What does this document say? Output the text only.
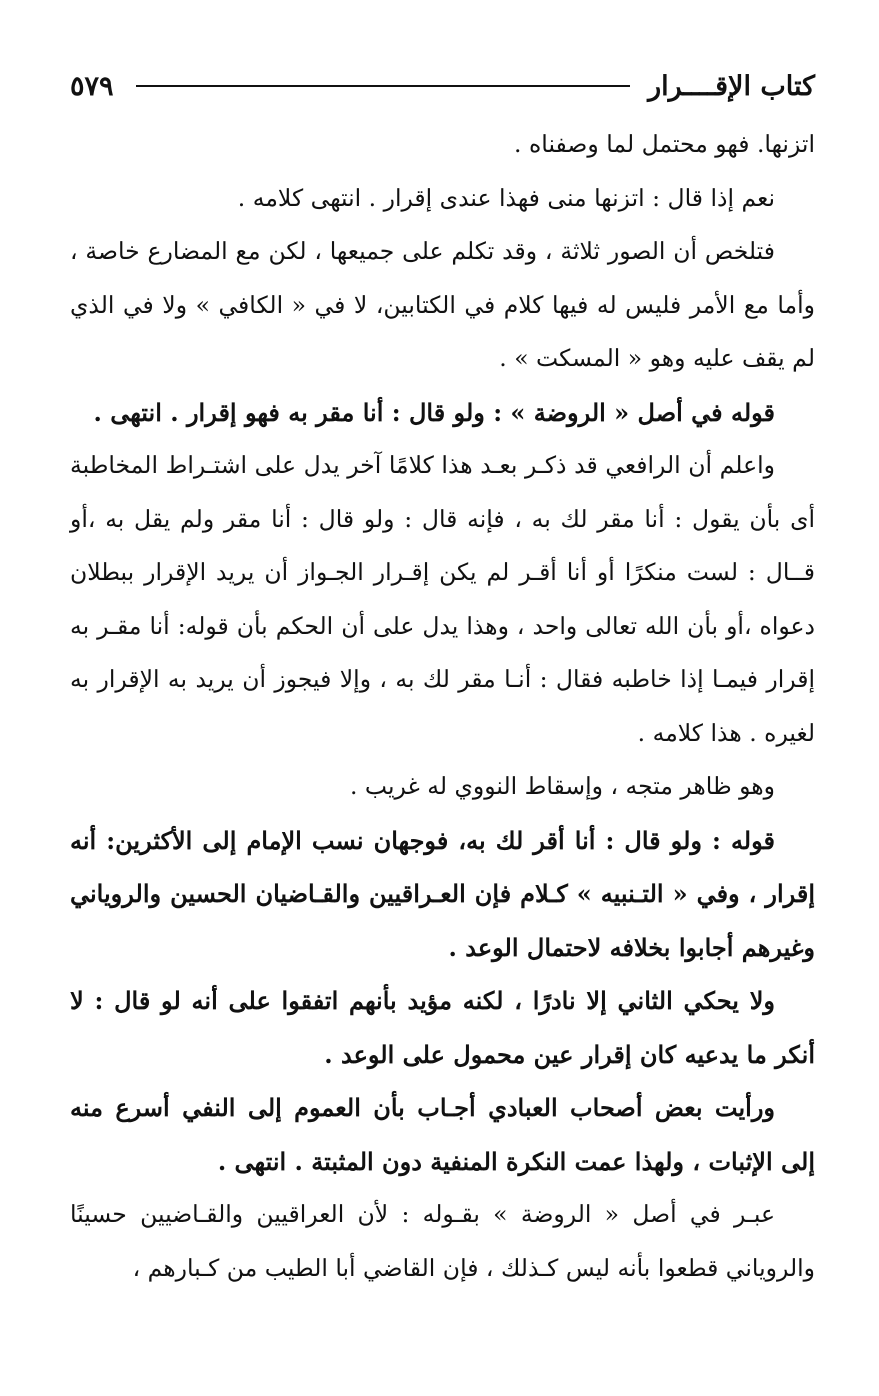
كتاب الإقــــرار
٥٧٩

اتزنها. فهو محتمل لما وصفناه .

نعم إذا قال : اتزنها منى فهذا عندى إقرار . انتهى كلامه .

فتلخص أن الصور ثلاثة ، وقد تكلم على جميعها ، لكن مع المضارع خاصة ، وأما مع الأمر فليس له فيها كلام في الكتابين، لا في « الكافي » ولا في الذي لم يقف عليه وهو « المسكت » .

قوله في أصل « الروضة » : ولو قال : أنا مقر به فهو إقرار . انتهى .

واعلم أن الرافعي قد ذكـر بعـد هذا كلامًا آخر يدل على اشتـراط المخاطبة أى بأن يقول : أنا مقر لك به ، فإنه قال : ولو قال : أنا مقر ولم يقل به ،أو قــال : لست منكرًا أو أنا أقـر لم يكن إقـرار الجـواز أن يريد الإقرار ببطلان دعواه ،أو بأن الله تعالى واحد ، وهذا يدل على أن الحكم بأن قوله: أنا مقـر به إقرار فيمـا إذا خاطبه فقال : أنـا مقر لك به ، وإلا فيجوز أن يريد به الإقرار به لغيره . هذا كلامه .

وهو ظاهر متجه ، وإسقاط النووي له غريب .

قوله : ولو قال : أنا أقر لك به، فوجهان نسب الإمام إلى الأكثرين: أنه إقرار ، وفي « التـنبيه » كـلام فإن العـراقيين والقـاضيان الحسين والروياني وغيرهم أجابوا بخلافه لاحتمال الوعد .

ولا يحكي الثاني إلا نادرًا ، لكنه مؤيد بأنهم اتفقوا على أنه لو قال : لا أنكر ما يدعيه كان إقرار عين محمول على الوعد .

ورأيت بعض أصحاب العبادي أجـاب بأن العموم إلى النفي أسرع منه إلى الإثبات ، ولهذا عمت النكرة المنفية دون المثبتة . انتهى .

عبـر في أصل « الروضة » بقـوله : لأن العراقيين والقـاضيين حسينًا والروياني قطعوا بأنه ليس كـذلك ، فإن القاضي أبا الطيب من كـبارهم ،
